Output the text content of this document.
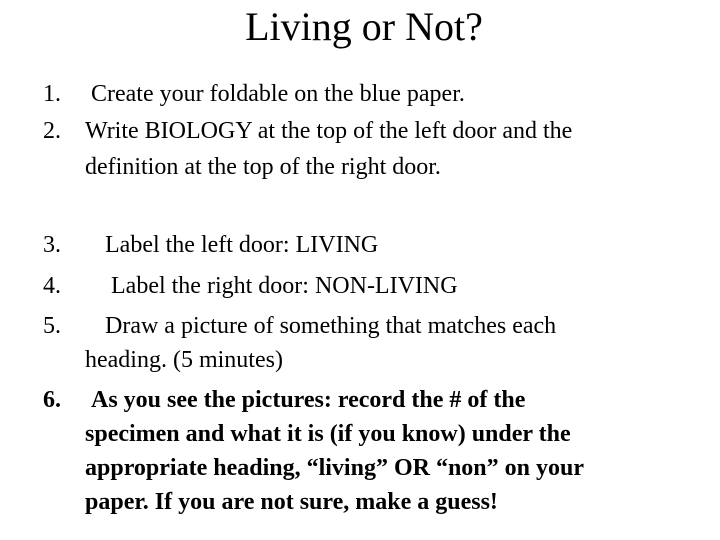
Living or Not?
1. Create your foldable on the blue paper.
2. Write BIOLOGY at the top of the left door and the
definition at the top of the right door.
3. Label the left door: LIVING
4. Label the right door: NON-LIVING
5. Draw a picture of something that matches each
heading. (5 minutes)
6. As you see the pictures: record the # of the
specimen and what it is (if you know) under the
appropriate heading, “living” OR “non” on your
paper. If you are not sure, make a guess!
